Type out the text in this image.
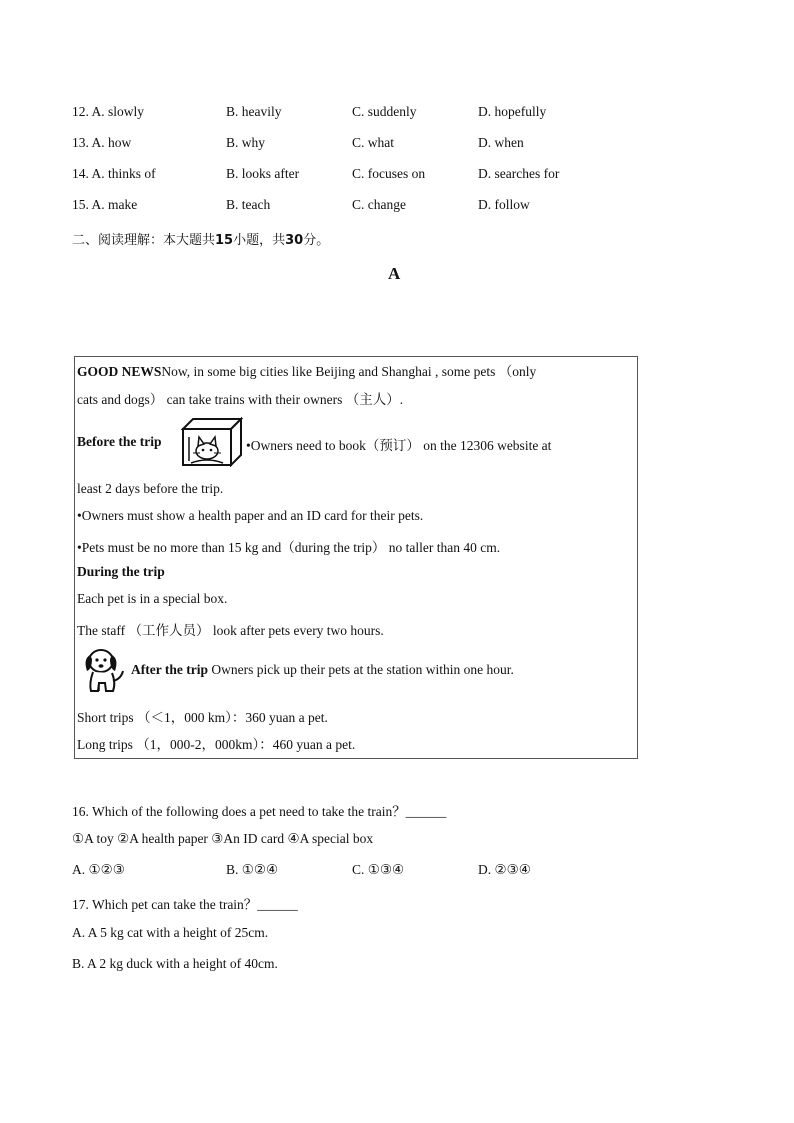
12. A. slowly	B. heavily	C. suddenly	D. hopefully
13. A. how	B. why	C. what	D. when
14. A. thinks of	B. looks after	C. focuses on	D. searches for
15. A. make	B. teach	C. change	D. follow
二、阅读理解：本大题共15小题，共30分。
A
GOOD NEWSNow, in some big cities like Beijing and Shanghai , some pets （only
cats and dogs） can take trains with their owners （主人）.
Before the trip	•Owners need to book（预订） on the 12306 website at
least 2 days before the trip.
•Owners must show a health paper and an ID card for their pets.
•Pets must be no more than 15 kg and（during the trip） no taller than 40 cm.
During the trip
Each pet is in a special box.
The staff （工作人员） look after pets every two hours.
After the trip Owners pick up their pets at the station within one hour.
Short trips （＜1，000 km）：360 yuan a pet.
Long trips （1，000-2，000km）：460 yuan a pet.
16. Which of the following does a pet need to take the train？______
①A toy ②A health paper ③An ID card ④A special box
A. ①②③	B. ①②④	C. ①③④	D. ②③④
17. Which pet can take the train？______
A. A 5 kg cat with a height of 25cm.
B. A 2 kg duck with a height of 40cm.
